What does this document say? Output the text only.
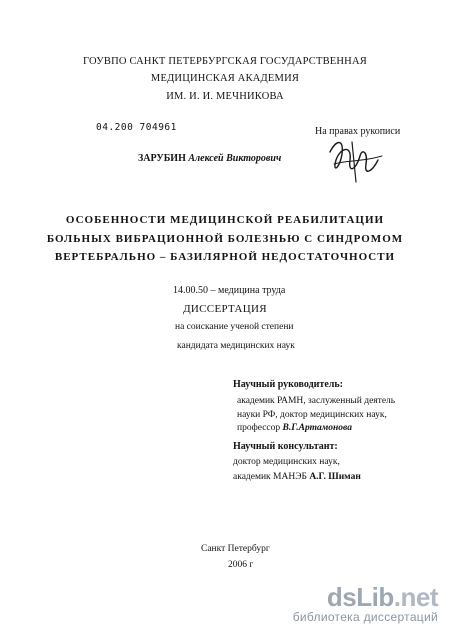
ГОУВПО САНКТ ПЕТЕРБУРГСКАЯ ГОСУДАРСТВЕННАЯ
МЕДИЦИНСКАЯ АКАДЕМИЯ
ИМ. И. И. МЕЧНИКОВА
04.200 704961	На правах рукописи
ЗАРУБИН Алексей Викторович
ОСОБЕННОСТИ МЕДИЦИНСКОЙ РЕАБИЛИТАЦИИ
БОЛЬНЫХ ВИБРАЦИОННОЙ БОЛЕЗНЬЮ С СИНДРОМОМ
ВЕРТЕБРАЛЬНО – БАЗИЛЯРНОЙ НЕДОСТАТОЧНОСТИ
14.00.50 – медицина труда
ДИССЕРТАЦИЯ
на соискание ученой степени
кандидата медицинских наук
Научный руководитель:
академик РАМН, заслуженный деятель
науки РФ, доктор медицинских наук,
профессор В.Г.Артамонова
Научный консультант:
доктор медицинских наук,
академик МАНЭБ А.Г. Шиман
Санкт Петербург
2006 г
dsLib.net
библиотека диссертаций
